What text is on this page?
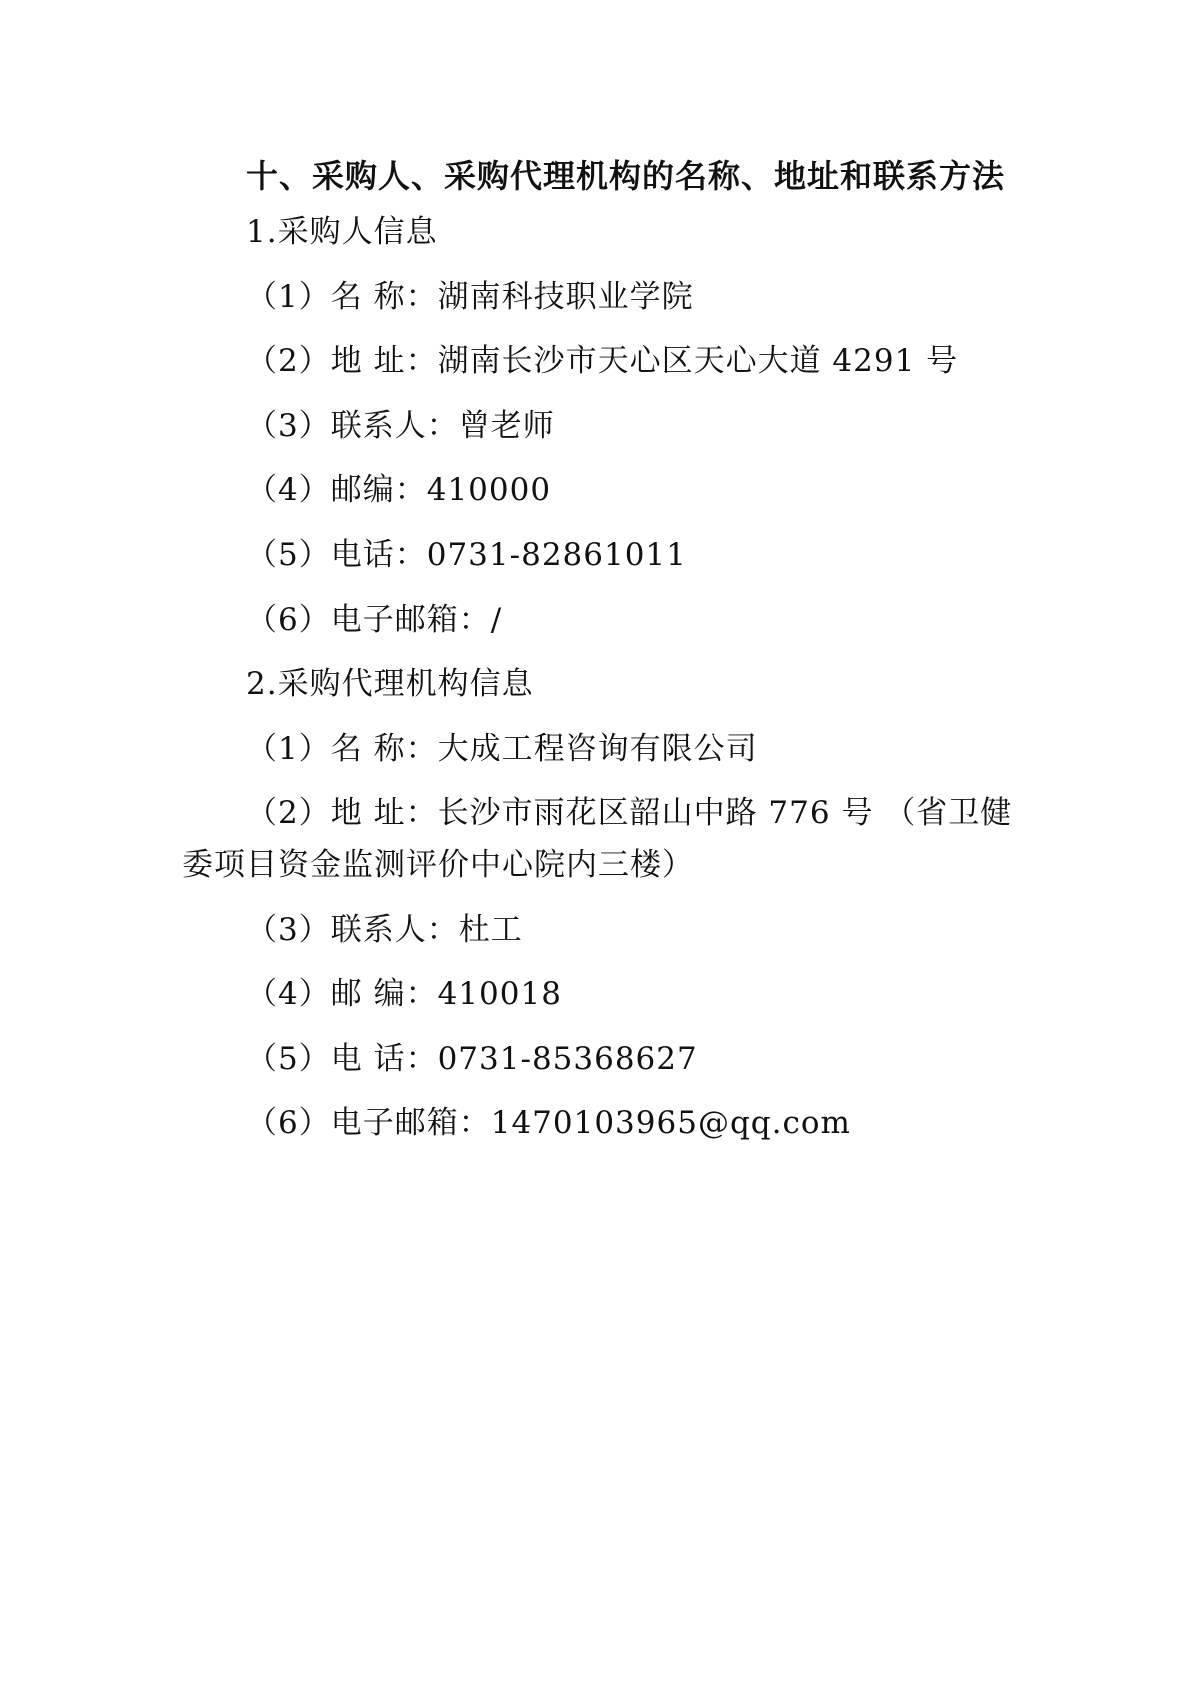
十、采购人、采购代理机构的名称、地址和联系方法
1.采购人信息
（1）名 称：湖南科技职业学院
（2）地 址：湖南长沙市天心区天心大道 4291 号
（3）联系人：曾老师
（4）邮编：410000
（5）电话：0731-82861011
（6）电子邮箱：/
2.采购代理机构信息
（1）名 称：大成工程咨询有限公司
（2）地 址：长沙市雨花区韶山中路 776 号 （省卫健
委项目资金监测评价中心院内三楼）
（3）联系人：杜工
（4）邮 编：410018
（5）电 话：0731-85368627
（6）电子邮箱：1470103965@qq.com
